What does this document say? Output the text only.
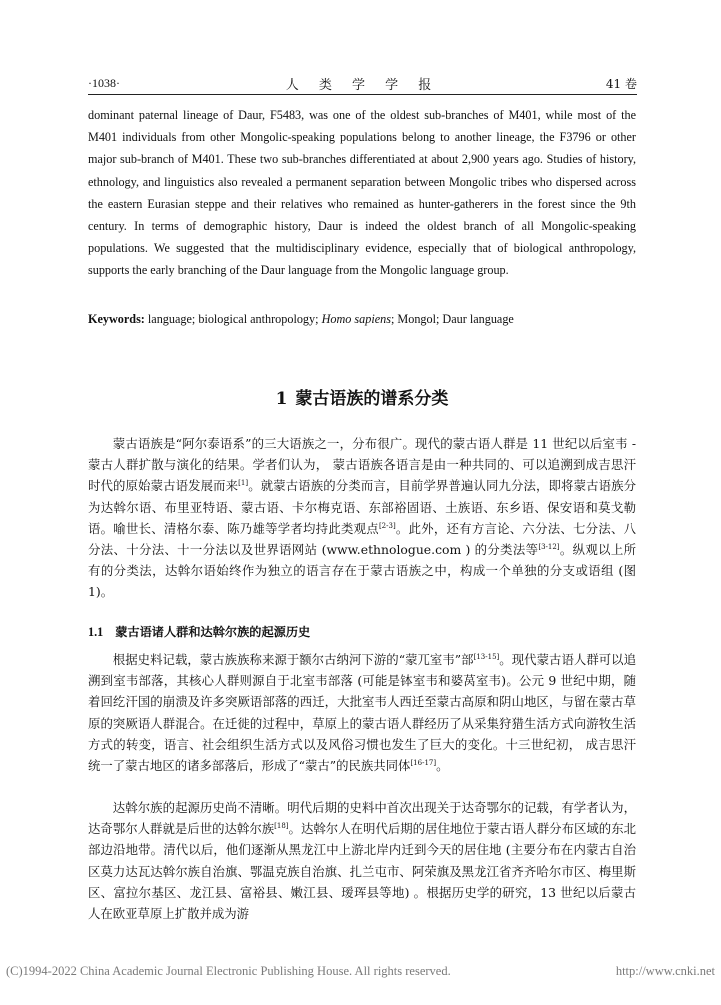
·1038·	人 类 学 学 报	41 卷

dominant paternal lineage of Daur, F5483, was one of the oldest sub-branches of M401, while most of the M401 individuals from other Mongolic-speaking populations belong to another lineage, the F3796 or other major sub-branch of M401. These two sub-branches differentiated at about 2,900 years ago. Studies of history, ethnology, and linguistics also revealed a permanent separation between Mongolic tribes who dispersed across the eastern Eurasian steppe and their relatives who remained as hunter-gatherers in the forest since the 9th century. In terms of demographic history, Daur is indeed the oldest branch of all Mongolic-speaking populations. We suggested that the multidisciplinary evidence, especially that of biological anthropology, supports the early branching of the Daur language from the Mongolic language group.

Keywords: language; biological anthropology; Homo sapiens; Mongol; Daur language

1 蒙古语族的谱系分类

蒙古语族是“阿尔泰语系”的三大语族之一，分布很广。现代的蒙古语人群是 11 世纪以后室韦 - 蒙古人群扩散与演化的结果。学者们认为， 蒙古语族各语言是由一种共同的、可以追溯到成吉思汗时代的原始蒙古语发展而来[1]。就蒙古语族的分类而言，目前学界普遍认同九分法，即将蒙古语族分为达斡尔语、布里亚特语、蒙古语、卡尔梅克语、东部裕固语、土族语、东乡语、保安语和莫戈勒语。喻世长、清格尔泰、陈乃雄等学者均持此类观点[2-3]。此外，还有方言论、六分法、七分法、八分法、十分法、十一分法以及世界语网站 (www.ethnologue.com ) 的分类法等[3-12]。纵观以上所有的分类法，达斡尔语始终作为独立的语言存在于蒙古语族之中，构成一个单独的分支或语组 (图 1)。

1.1 蒙古语诸人群和达斡尔族的起源历史

根据史料记载，蒙古族族称来源于额尔古纳河下游的“蒙兀室韦”部[13-15]。现代蒙古语人群可以追溯到室韦部落，其核心人群则源自于北室韦部落 (可能是钵室韦和婆莴室韦)。公元 9 世纪中期，随着回纥汗国的崩溃及许多突厥语部落的西迁，大批室韦人西迁至蒙古高原和阴山地区，与留在蒙古草原的突厥语人群混合。在迁徙的过程中，草原上的蒙古语人群经历了从采集狩猎生活方式向游牧生活方式的转变，语言、社会组织生活方式以及风俗习惯也发生了巨大的变化。十三世纪初， 成吉思汗统一了蒙古地区的诸多部落后，形成了“蒙古”的民族共同体[16-17]。

达斡尔族的起源历史尚不清晰。明代后期的史料中首次出现关于达奇鄂尔的记载，有学者认为，达奇鄂尔人群就是后世的达斡尔族[18]。达斡尔人在明代后期的居住地位于蒙古语人群分布区域的东北部边沿地带。清代以后，他们逐渐从黑龙江中上游北岸内迁到今天的居住地 (主要分布在内蒙古自治区莫力达瓦达斡尔族自治旗、鄂温克族自治旗、扎兰屯市、阿荣旗及黑龙江省齐齐哈尔市区、梅里斯区、富拉尔基区、龙江县、富裕县、嫩江县、瑷珲县等地) 。根据历史学的研究，13 世纪以后蒙古人在欧亚草原上扩散并成为游

(C)1994-2022 China Academic Journal Electronic Publishing House. All rights reserved.	http://www.cnki.net
